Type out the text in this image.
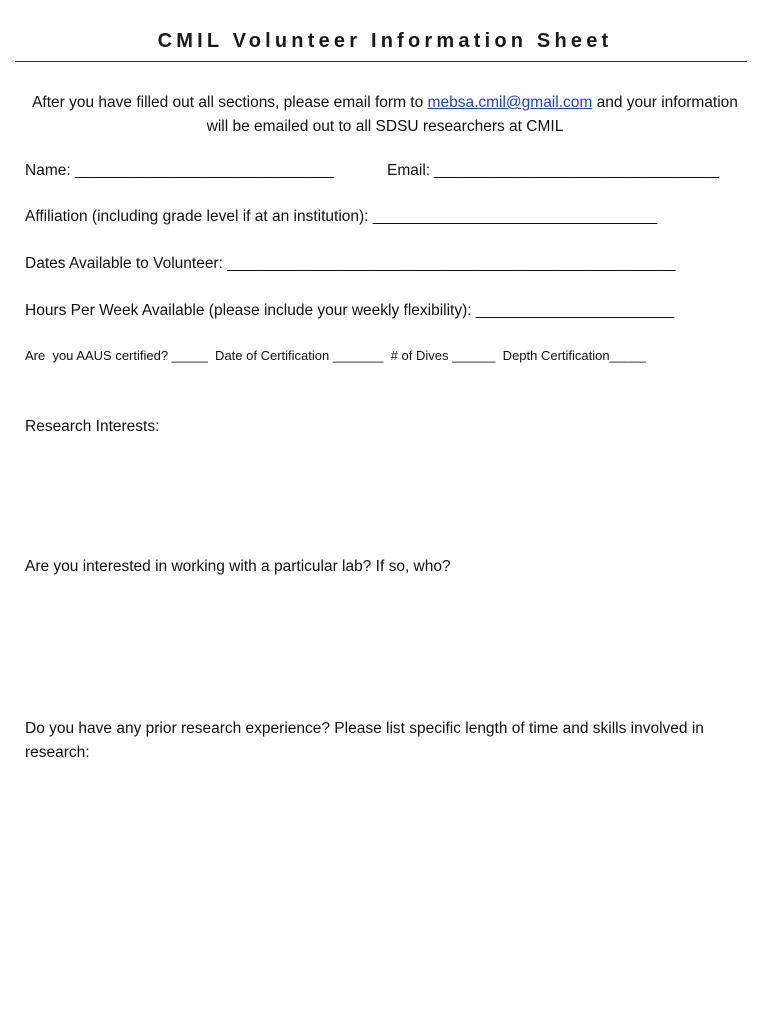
CMIL Volunteer Information Sheet
After you have filled out all sections, please email form to mebsa.cmil@gmail.com and your information will be emailed out to all SDSU researchers at CMIL
Name: ______________________________	Email: _________________________________
Affiliation (including grade level if at an institution): _________________________________
Dates Available to Volunteer: ____________________________________________________
Hours Per Week Available (please include your weekly flexibility): _______________________
Are  you AAUS certified? _____  Date of Certification _______  # of Dives ______  Depth Certification_____
Research Interests:
Are you interested in working with a particular lab? If so, who?
Do you have any prior research experience? Please list specific length of time and skills involved in research:
